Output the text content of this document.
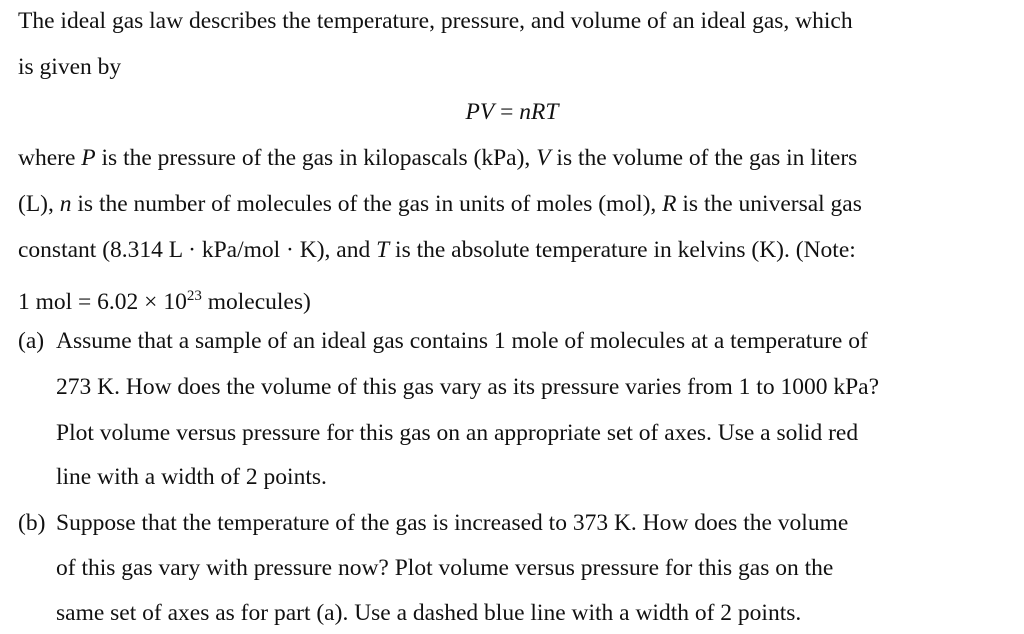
The ideal gas law describes the temperature, pressure, and volume of an ideal gas, which
is given by
PV = nRT
where P is the pressure of the gas in kilopascals (kPa), V is the volume of the gas in liters
(L), n is the number of molecules of the gas in units of moles (mol), R is the universal gas
constant (8.314 L · kPa/mol · K), and T is the absolute temperature in kelvins (K). (Note:
1 mol = $6.02 \times 10^{23}$ molecules)
(a) Assume that a sample of an ideal gas contains 1 mole of molecules at a temperature of
273 K. How does the volume of this gas vary as its pressure varies from 1 to 1000 kPa?
Plot volume versus pressure for this gas on an appropriate set of axes. Use a solid red
line with a width of 2 points.
(b) Suppose that the temperature of the gas is increased to 373 K. How does the volume
of this gas vary with pressure now? Plot volume versus pressure for this gas on the
same set of axes as for part (a). Use a dashed blue line with a width of 2 points.
